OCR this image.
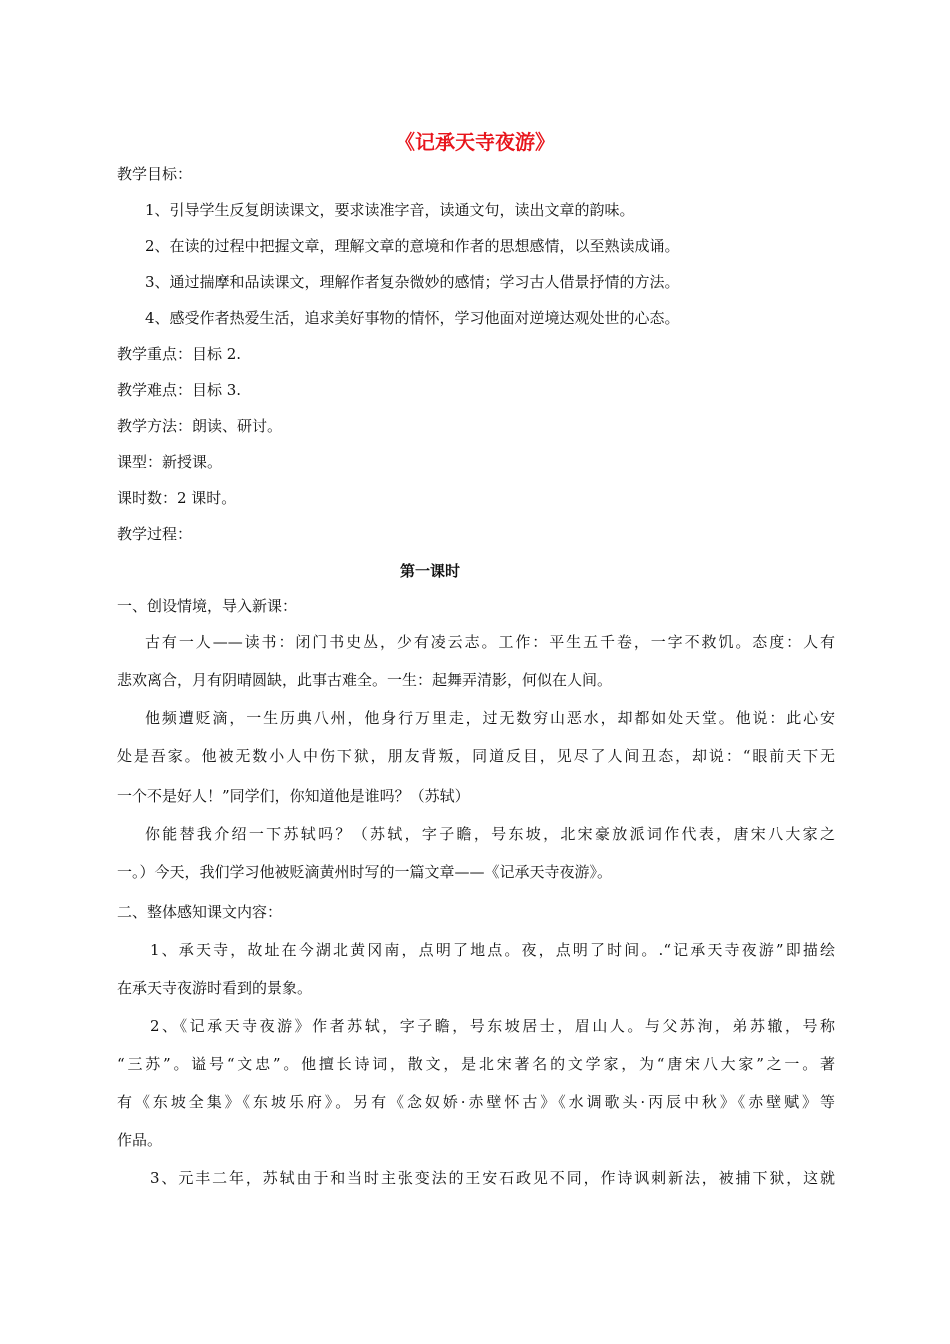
《记承天寺夜游》
教学目标：
1、引导学生反复朗读课文，要求读准字音，读通文句，读出文章的韵味。
2、在读的过程中把握文章，理解文章的意境和作者的思想感情，以至熟读成诵。
3、通过揣摩和品读课文，理解作者复杂微妙的感情；学习古人借景抒情的方法。
4、感受作者热爱生活，追求美好事物的情怀，学习他面对逆境达观处世的心态。
教学重点：目标 2.
教学难点：目标 3.
教学方法：朗读、研讨。
课型：新授课。
课时数：2 课时。
教学过程：
第一课时
一、创设情境，导入新课：
古有一人——读书：闭门书史丛，少有凌云志。工作：平生五千卷，一字不救饥。态度：人有
悲欢离合，月有阴晴圆缺，此事古难全。一生：起舞弄清影，何似在人间。
他频遭贬滴，一生历典八州，他身行万里走，过无数穷山恶水，却都如处天堂。他说：此心安
处是吾家。他被无数小人中伤下狱，朋友背叛，同道反目，见尽了人间丑态，却说：“眼前天下无
一个不是好人！”同学们，你知道他是谁吗？（苏轼）
你能替我介绍一下苏轼吗？（苏轼，字子瞻，号东坡，北宋豪放派词作代表，唐宋八大家之
一。）今天，我们学习他被贬滴黄州时写的一篇文章——《记承天寺夜游》。
二、整体感知课文内容：
1、承天寺，故址在今湖北黄冈南，点明了地点。夜，点明了时间。.“记承天寺夜游”即描绘
在承天寺夜游时看到的景象。
2、《记承天寺夜游》作者苏轼，字子瞻，号东坡居士，眉山人。与父苏洵，弟苏辙，号称
“三苏”。谥号“文忠”。他擅长诗词，散文，是北宋著名的文学家，为“唐宋八大家”之一。著
有《东坡全集》《东坡乐府》。另有《念奴娇·赤壁怀古》《水调歌头·丙辰中秋》《赤壁赋》等
作品。
3、元丰二年，苏轼由于和当时主张变法的王安石政见不同，作诗讽刺新法，被捕下狱，这就
